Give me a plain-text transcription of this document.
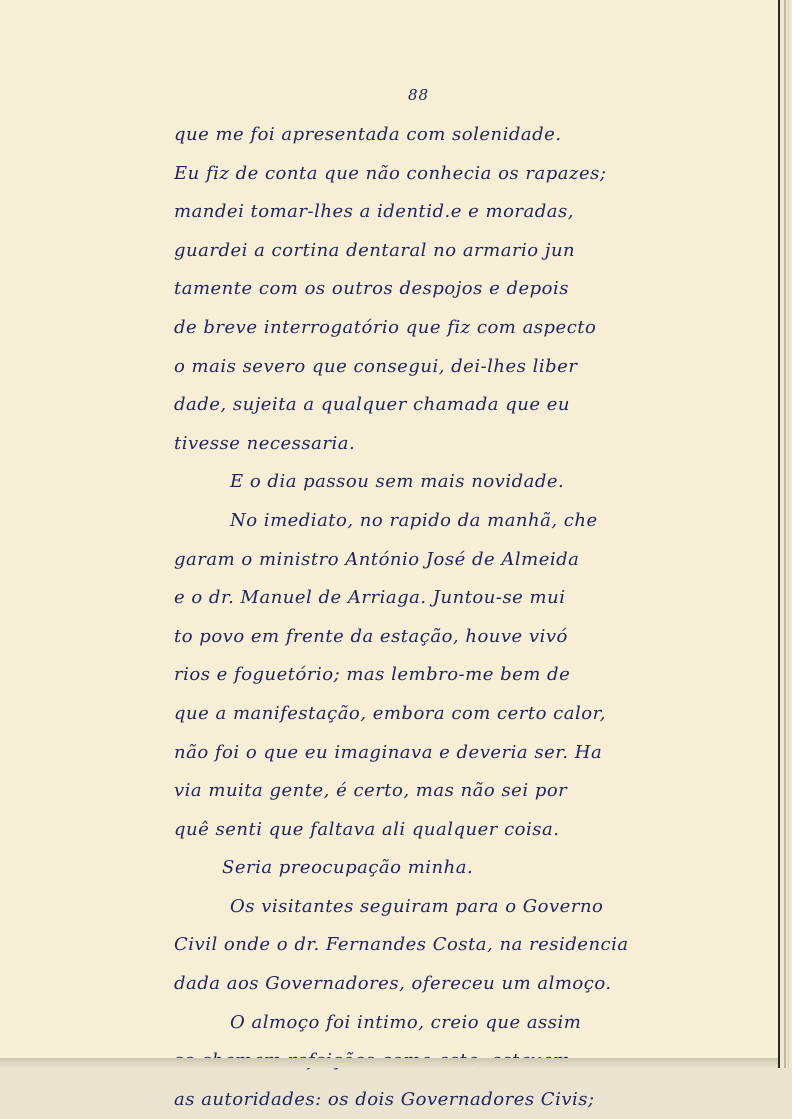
88
que me foi apresentada com solenidade.
Eu fiz de conta que não conhecia os rapazes;
mandei tomar-lhes a identid.e e moradas,
guardei a cortina dentaral no armario jun
tamente com os outros despojos e depois
de breve interrogatório que fiz com aspecto
o mais severo que consegui, dei-lhes liber
dade, sujeita a qualquer chamada que eu
tivesse necessaria.
E o dia passou sem mais novidade.
No imediato, no rapido da manhã, che
garam o ministro António José de Almeida
e o dr. Manuel de Arriaga. Juntou-se mui
to povo em frente da estação, houve vivó
rios e foguetório; mas lembro-me bem de
que a manifestação, embora com certo calor,
não foi o que eu imaginava e deveria ser. Ha
via muita gente, é certo, mas não sei por
quê senti que faltava ali qualquer coisa.
Seria preocupação minha.
Os visitantes seguiram para o Governo
Civil onde o dr. Fernandes Costa, na residencia
dada aos Governadores, ofereceu um almoço.
O almoço foi intimo, creio que assim
as autoridades: os dois Governadores Civis;
